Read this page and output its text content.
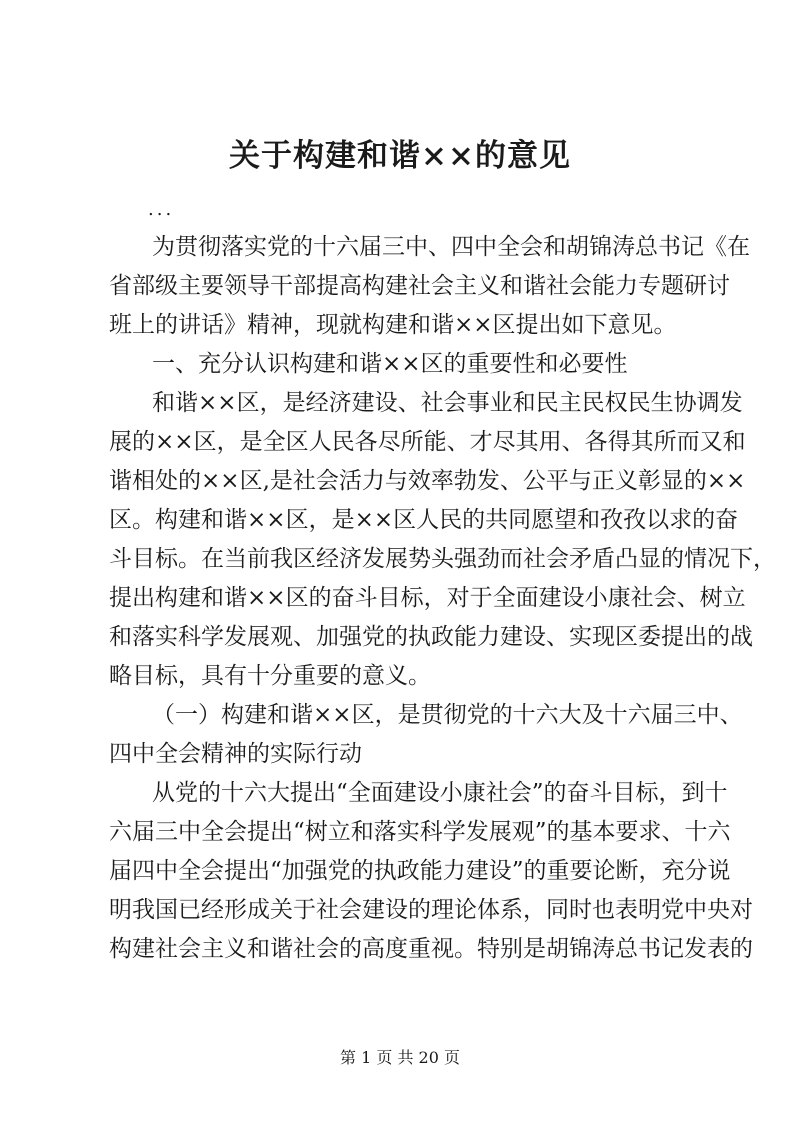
关于构建和谐××的意见
...
为 贯 彻 落 实 党 的 十 六 届 三 中 、 四 中 全 会 和 胡 锦 涛 总 书 记 《 在
省 部 级 主 要 领 导 干 部 提 高 构 建 社 会 主 义 和 谐 社 会 能 力 专 题 研 讨
班上的讲话》精神，现就构建和谐××区提出如下意见。
一、充分认识构建和谐××区的重要性和必要性
和 谐 × × 区 ， 是 经 济 建 设 、 社 会 事 业 和 民 主 民 权 民 生 协 调 发
展 的 × × 区 ， 是 全 区 人 民 各 尽 所 能 、 才 尽 其 用 、 各 得 其 所 而 又 和
谐 相 处 的 × × 区 , 是 社 会 活 力 与 效 率 勃 发 、 公 平 与 正 义 彰 显 的 × ×
区 。 构 建 和 谐 × × 区 ， 是 × × 区 人 民 的 共 同 愿 望 和 孜 孜 以 求 的 奋
斗 目 标 。 在 当 前 我 区 经 济 发 展 势 头 强 劲 而 社 会 矛 盾 凸 显 的 情 况 下 ，
提 出 构 建 和 谐 × × 区 的 奋 斗 目 标 ， 对 于 全 面 建 设 小 康 社 会 、 树 立
和 落 实 科 学 发 展 观 、 加 强 党 的 执 政 能 力 建 设 、 实 现 区 委 提 出 的 战
略目标，具有十分重要的意义。
（ 一 ） 构 建 和 谐 × × 区 ， 是 贯 彻 党 的 十 六 大 及 十 六 届 三 中 、
四中全会精神的实际行动
从 党 的 十 六 大 提 出 “ 全 面 建 设 小 康 社 会 ” 的 奋 斗 目 标 ， 到 十
六 届 三 中 全 会 提 出 “ 树 立 和 落 实 科 学 发 展 观 ” 的 基 本 要 求 、 十 六
届 四 中 全 会 提 出 “ 加 强 党 的 执 政 能 力 建 设 ” 的 重 要 论 断 ， 充 分 说
明 我 国 已 经 形 成 关 于 社 会 建 设 的 理 论 体 系 ， 同 时 也 表 明 党 中 央 对
构 建 社 会 主 义 和 谐 社 会 的 高 度 重 视 。 特 别 是 胡 锦 涛 总 书 记 发 表 的
第 1 页 共 20 页
